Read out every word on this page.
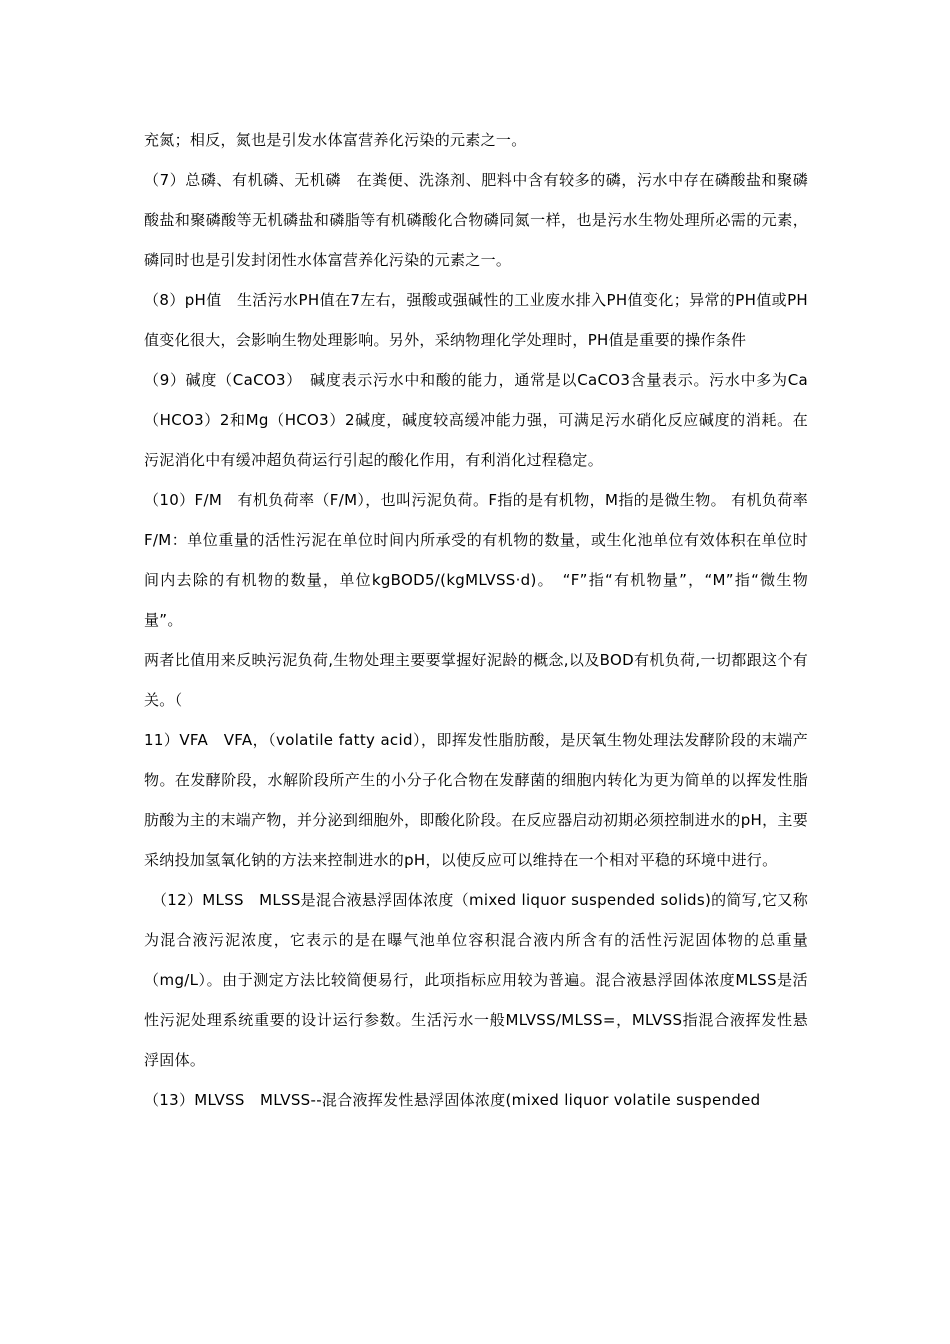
充氮；相反，氮也是引发水体富营养化污染的元素之一。

（7）总磷、有机磷、无机磷　在粪便、洗涤剂、肥料中含有较多的磷，污水中存在磷酸盐和聚磷酸盐和聚磷酸等无机磷盐和磷脂等有机磷酸化合物磷同氮一样，也是污水生物处理所必需的元素，磷同时也是引发封闭性水体富营养化污染的元素之一。

（8）pH值　生活污水PH值在7左右，强酸或强碱性的工业废水排入PH值变化；异常的PH值或PH值变化很大，会影响生物处理影响。另外，采纳物理化学处理时，PH值是重要的操作条件

（9）碱度（CaCO3）　碱度表示污水中和酸的能力，通常是以CaCO3含量表示。污水中多为Ca（HCO3）2和Mg（HCO3）2碱度，碱度较高缓冲能力强，可满足污水硝化反应碱度的消耗。在污泥消化中有缓冲超负荷运行引起的酸化作用，有利消化过程稳定。

（10）F/M　有机负荷率（F/M），也叫污泥负荷。F指的是有机物，M指的是微生物。 有机负荷率F/M：单位重量的活性污泥在单位时间内所承受的有机物的数量，或生化池单位有效体积在单位时间内去除的有机物的数量，单位kgBOD5/(kgMLVSS·d)。　“F”指“有机物量”，“M”指“微生物量”。

两者比值用来反映污泥负荷,生物处理主要要掌握好泥龄的概念,以及BOD有机负荷,一切都跟这个有关。（

11）VFA　VFA，（volatile fatty acid），即挥发性脂肪酸，是厌氧生物处理法发酵阶段的末端产物。在发酵阶段，水解阶段所产生的小分子化合物在发酵菌的细胞内转化为更为简单的以挥发性脂肪酸为主的末端产物，并分泌到细胞外，即酸化阶段。在反应器启动初期必须控制进水的pH，主要采纳投加氢氧化钠的方法来控制进水的pH，以使反应可以维持在一个相对平稳的环境中进行。

（12）MLSS　MLSS是混合液悬浮固体浓度（mixed liquor suspended solids)的简写,它又称为混合液污泥浓度，它表示的是在曝气池单位容积混合液内所含有的活性污泥固体物的总重量（mg/L）。由于测定方法比较简便易行，此项指标应用较为普遍。混合液悬浮固体浓度MLSS是活性污泥处理系统重要的设计运行参数。生活污水一般MLVSS/MLSS=，MLVSS指混合液挥发性悬浮固体。

（13）MLVSS　MLVSS--混合液挥发性悬浮固体浓度(mixed liquor volatile suspended
